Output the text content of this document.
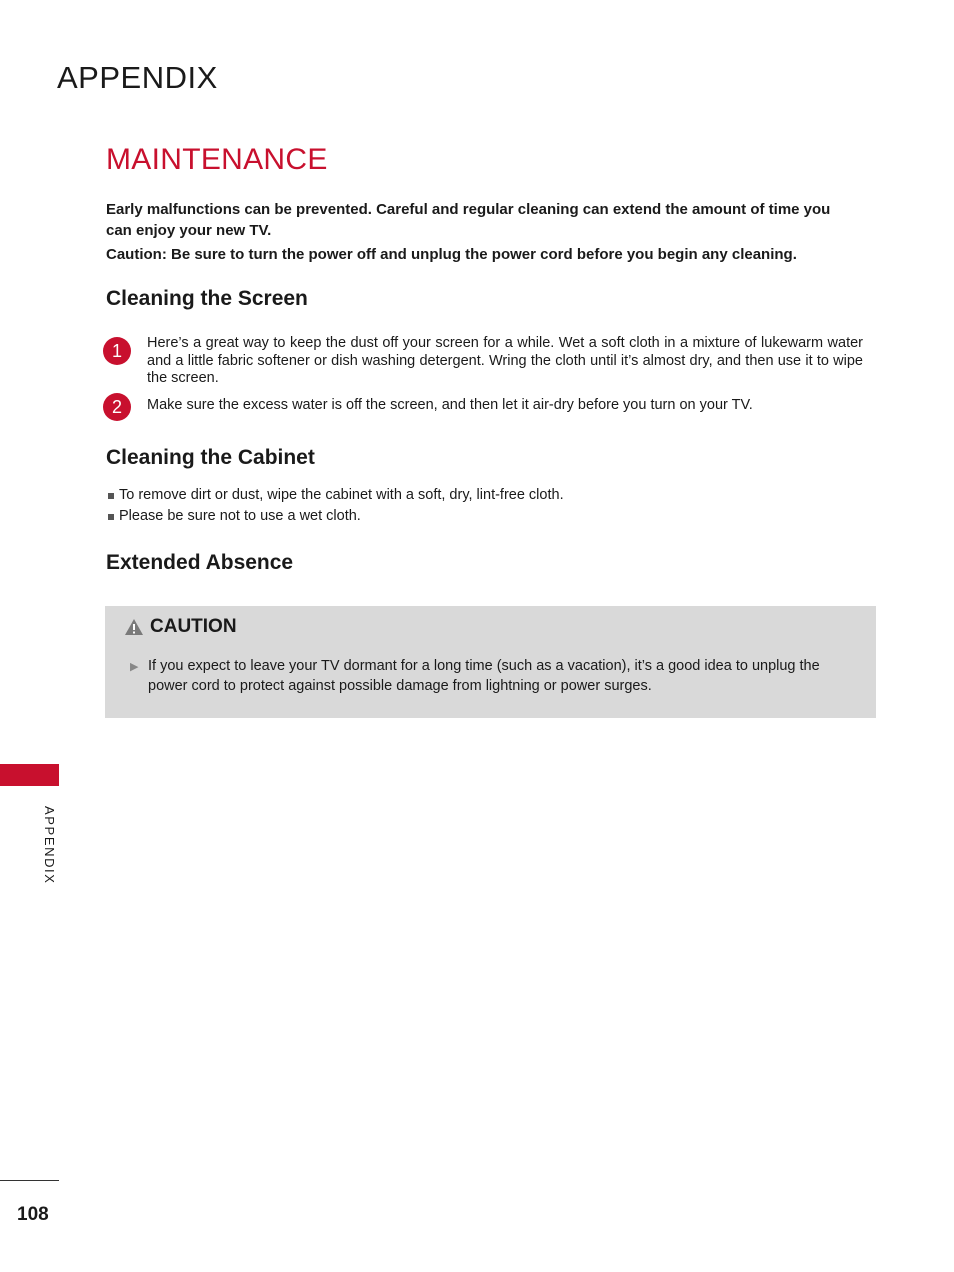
APPENDIX
MAINTENANCE

Early malfunctions can be prevented. Careful and regular cleaning can extend the amount of time you can enjoy your new TV.

Caution: Be sure to turn the power off and unplug the power cord before you begin any cleaning.

Cleaning the Screen
1	Here’s a great way to keep the dust off your screen for a while. Wet a soft cloth in a mixture of lukewarm water and a little fabric softener or dish washing detergent. Wring the cloth until it’s almost dry, and then use it to wipe the screen.
2	Make sure the excess water is off the screen, and then let it air-dry before you turn on your TV.
Cleaning the Cabinet
To remove dirt or dust, wipe the cabinet with a soft, dry, lint-free cloth.
Please be sure not to use a wet cloth.
Extended Absence
CAUTION
▶ If you expect to leave your TV dormant for a long time (such as a vacation), it’s a good idea to unplug the power cord to protect against possible damage from lightning or power surges.
APPENDIX
108
